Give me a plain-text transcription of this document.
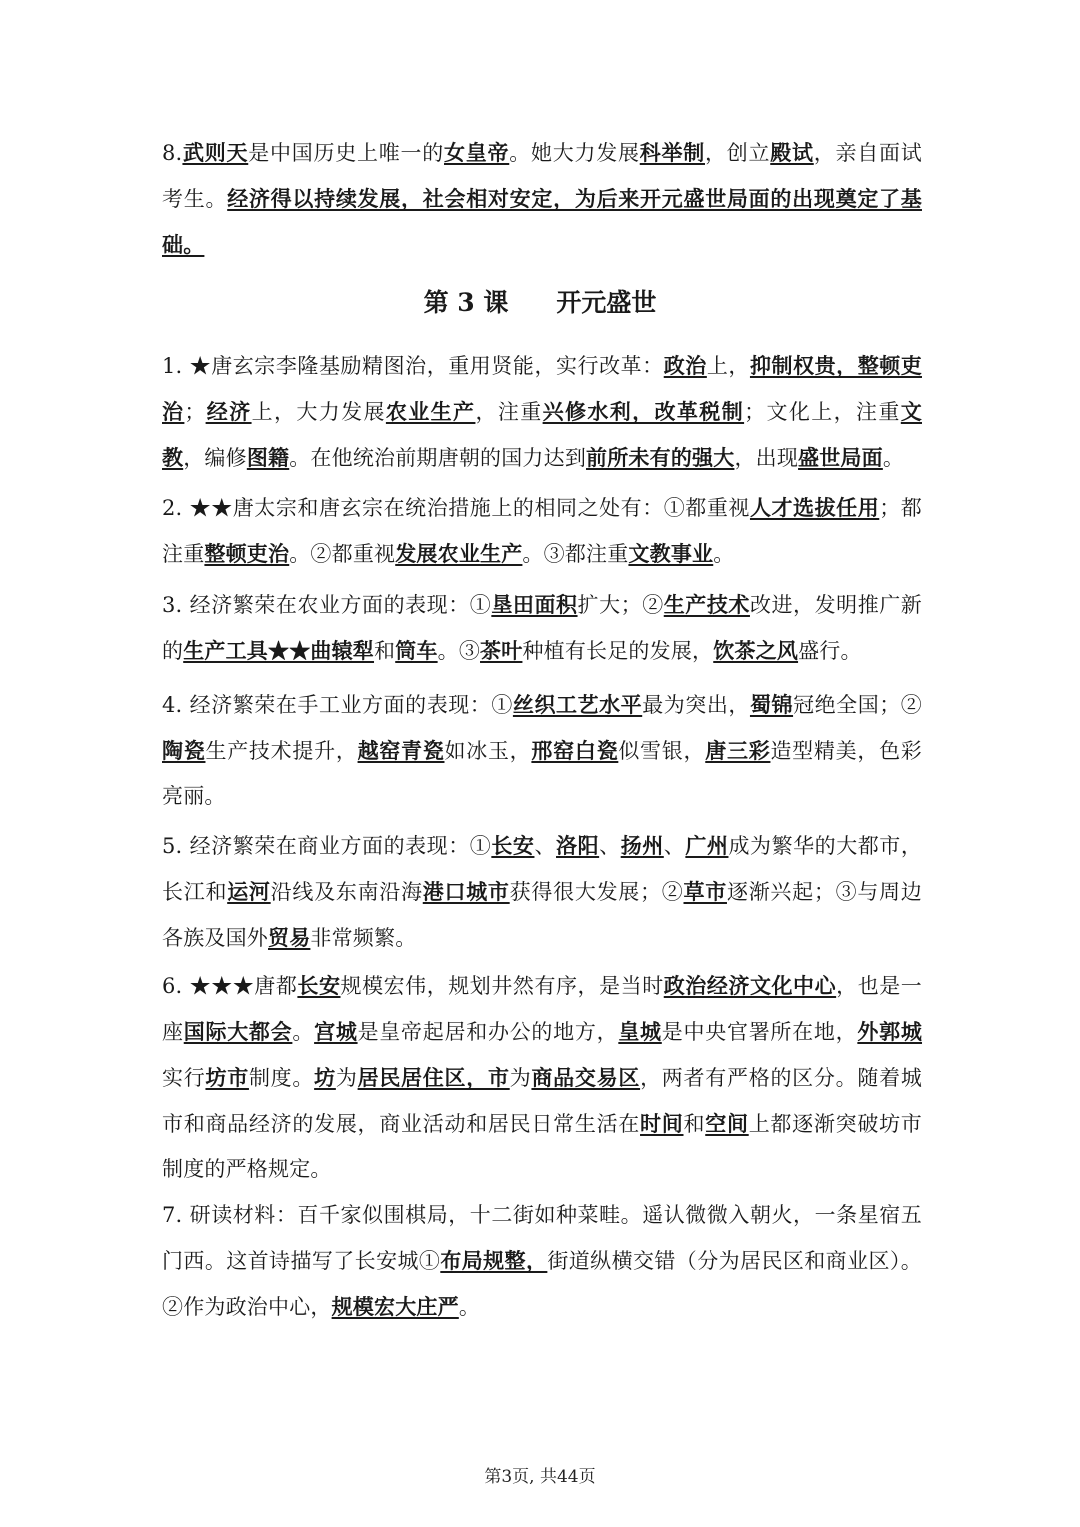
8.武则天是中国历史上唯一的女皇帝。她大力发展科举制，创立殿试，亲自面试考生。经济得以持续发展，社会相对安定，为后来开元盛世局面的出现奠定了基础。

第 3 课 开元盛世

1. ★唐玄宗李隆基励精图治，重用贤能，实行改革：政治上，抑制权贵，整顿吏治；经济上，大力发展农业生产，注重兴修水利，改革税制；文化上，注重文教，编修图籍。在他统治前期唐朝的国力达到前所未有的强大，出现盛世局面。

2. ★★唐太宗和唐玄宗在统治措施上的相同之处有：①都重视人才选拔任用；都注重整顿吏治。②都重视发展农业生产。③都注重文教事业。

3. 经济繁荣在农业方面的表现：①垦田面积扩大；②生产技术改进，发明推广新的生产工具★★曲辕犁和筒车。③茶叶种植有长足的发展，饮茶之风盛行。

4. 经济繁荣在手工业方面的表现：①丝织工艺水平最为突出，蜀锦冠绝全国；②陶瓷生产技术提升，越窑青瓷如冰玉，邢窑白瓷似雪银，唐三彩造型精美，色彩亮丽。

5. 经济繁荣在商业方面的表现：①长安、洛阳、扬州、广州成为繁华的大都市，长江和运河沿线及东南沿海港口城市获得很大发展；②草市逐渐兴起；③与周边各族及国外贸易非常频繁。

6. ★★★唐都长安规模宏伟，规划井然有序，是当时政治经济文化中心，也是一座国际大都会。宫城是皇帝起居和办公的地方，皇城是中央官署所在地，外郭城实行坊市制度。坊为居民居住区，市为商品交易区，两者有严格的区分。随着城市和商品经济的发展，商业活动和居民日常生活在时间和空间上都逐渐突破坊市制度的严格规定。

7. 研读材料：百千家似围棋局，十二街如种菜畦。遥认微微入朝火，一条星宿五门西。这首诗描写了长安城①布局规整，街道纵横交错（分为居民区和商业区）。②作为政治中心，规模宏大庄严。

第3页, 共44页
